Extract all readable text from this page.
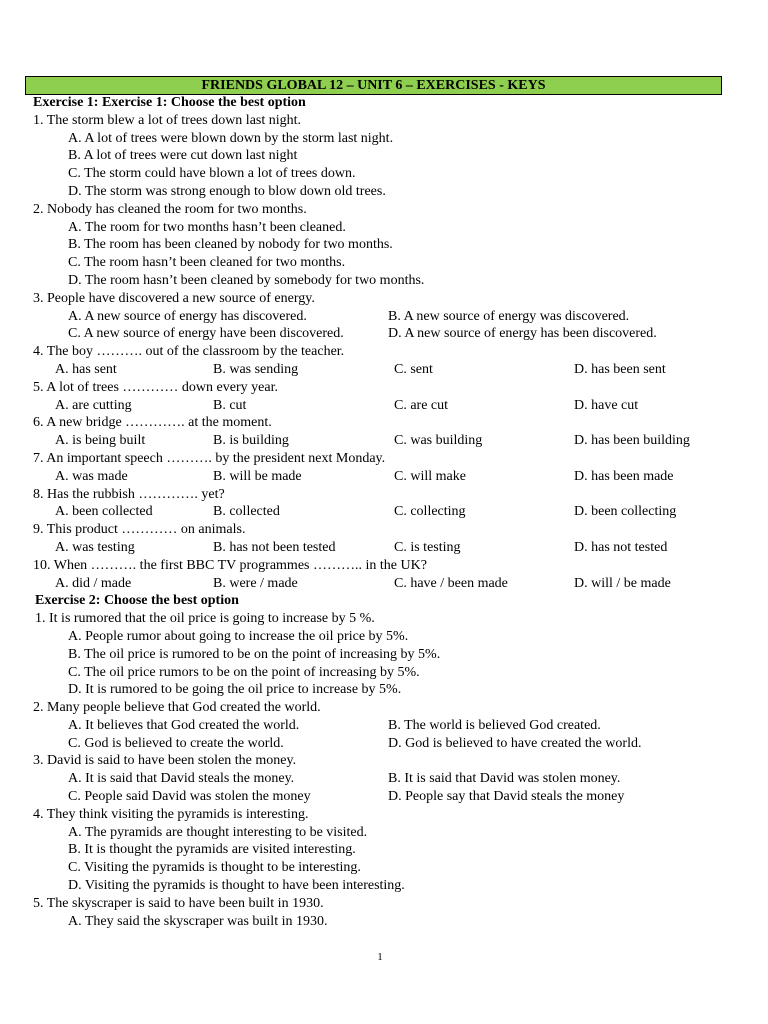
FRIENDS GLOBAL 12 – UNIT 6 – EXERCISES - KEYS
Exercise 1: Exercise 1: Choose the best option
1. The storm blew a lot of trees down last night.
A. A lot of trees were blown down by the storm last night.
B. A lot of trees were cut down last night
C. The storm could have blown a lot of trees down.
D. The storm was strong enough to blow down old trees.
2. Nobody has cleaned the room for two months.
A. The room for two months hasn’t been cleaned.
B. The room has been cleaned by nobody for two months.
C. The room hasn’t been cleaned for two months.
D. The room hasn’t been cleaned by somebody for two months.
3. People have discovered a new source of energy.
A. A new source of energy has discovered.	B. A new source of energy was discovered.
C. A new source of energy have been discovered.	D. A new source of energy has been discovered.
4. The boy ………. out of the classroom by the teacher.
A. has sent	B. was sending	C. sent	D. has been sent
5. A lot of trees ………… down every year.
A. are cutting	B. cut	C. are cut	D. have cut
6. A new bridge …………. at the moment.
A. is being built	B. is building	C. was building	D. has been building
7. An important speech ………. by the president next Monday.
A. was made	B. will be made	C. will make	D. has been made
8. Has the rubbish …………. yet?
A. been collected	B. collected	C. collecting	D. been collecting
9. This product ………… on animals.
A. was testing	B. has not been tested	C. is testing	D. has not tested
10. When ………. the first BBC TV programmes ……….. in the UK?
A. did / made	B. were / made	C. have / been made	D. will / be made
Exercise 2: Choose the best option
1. It is rumored that the oil price is going to increase by 5 %.
A. People rumor about going to increase the oil price by 5%.
B. The oil price is rumored to be on the point of increasing by 5%.
C. The oil price rumors to be on the point of increasing by 5%.
D. It is rumored to be going the oil price to increase by 5%.
2. Many people believe that God created the world.
A. It believes that God created the world.	B. The world is believed God created.
C. God is believed to create the world.	D. God is believed to have created the world.
3. David is said to have been stolen the money.
A. It is said that David steals the money.	B. It is said that David was stolen money.
C. People said David was stolen the money	D. People say that David steals the money
4. They think visiting the pyramids is interesting.
A. The pyramids are thought interesting to be visited.
B. It is thought the pyramids are visited interesting.
C. Visiting the pyramids is thought to be interesting.
D. Visiting the pyramids is thought to have been interesting.
5. The skyscraper is said to have been built in 1930.
A. They said the skyscraper was built in 1930.
1
